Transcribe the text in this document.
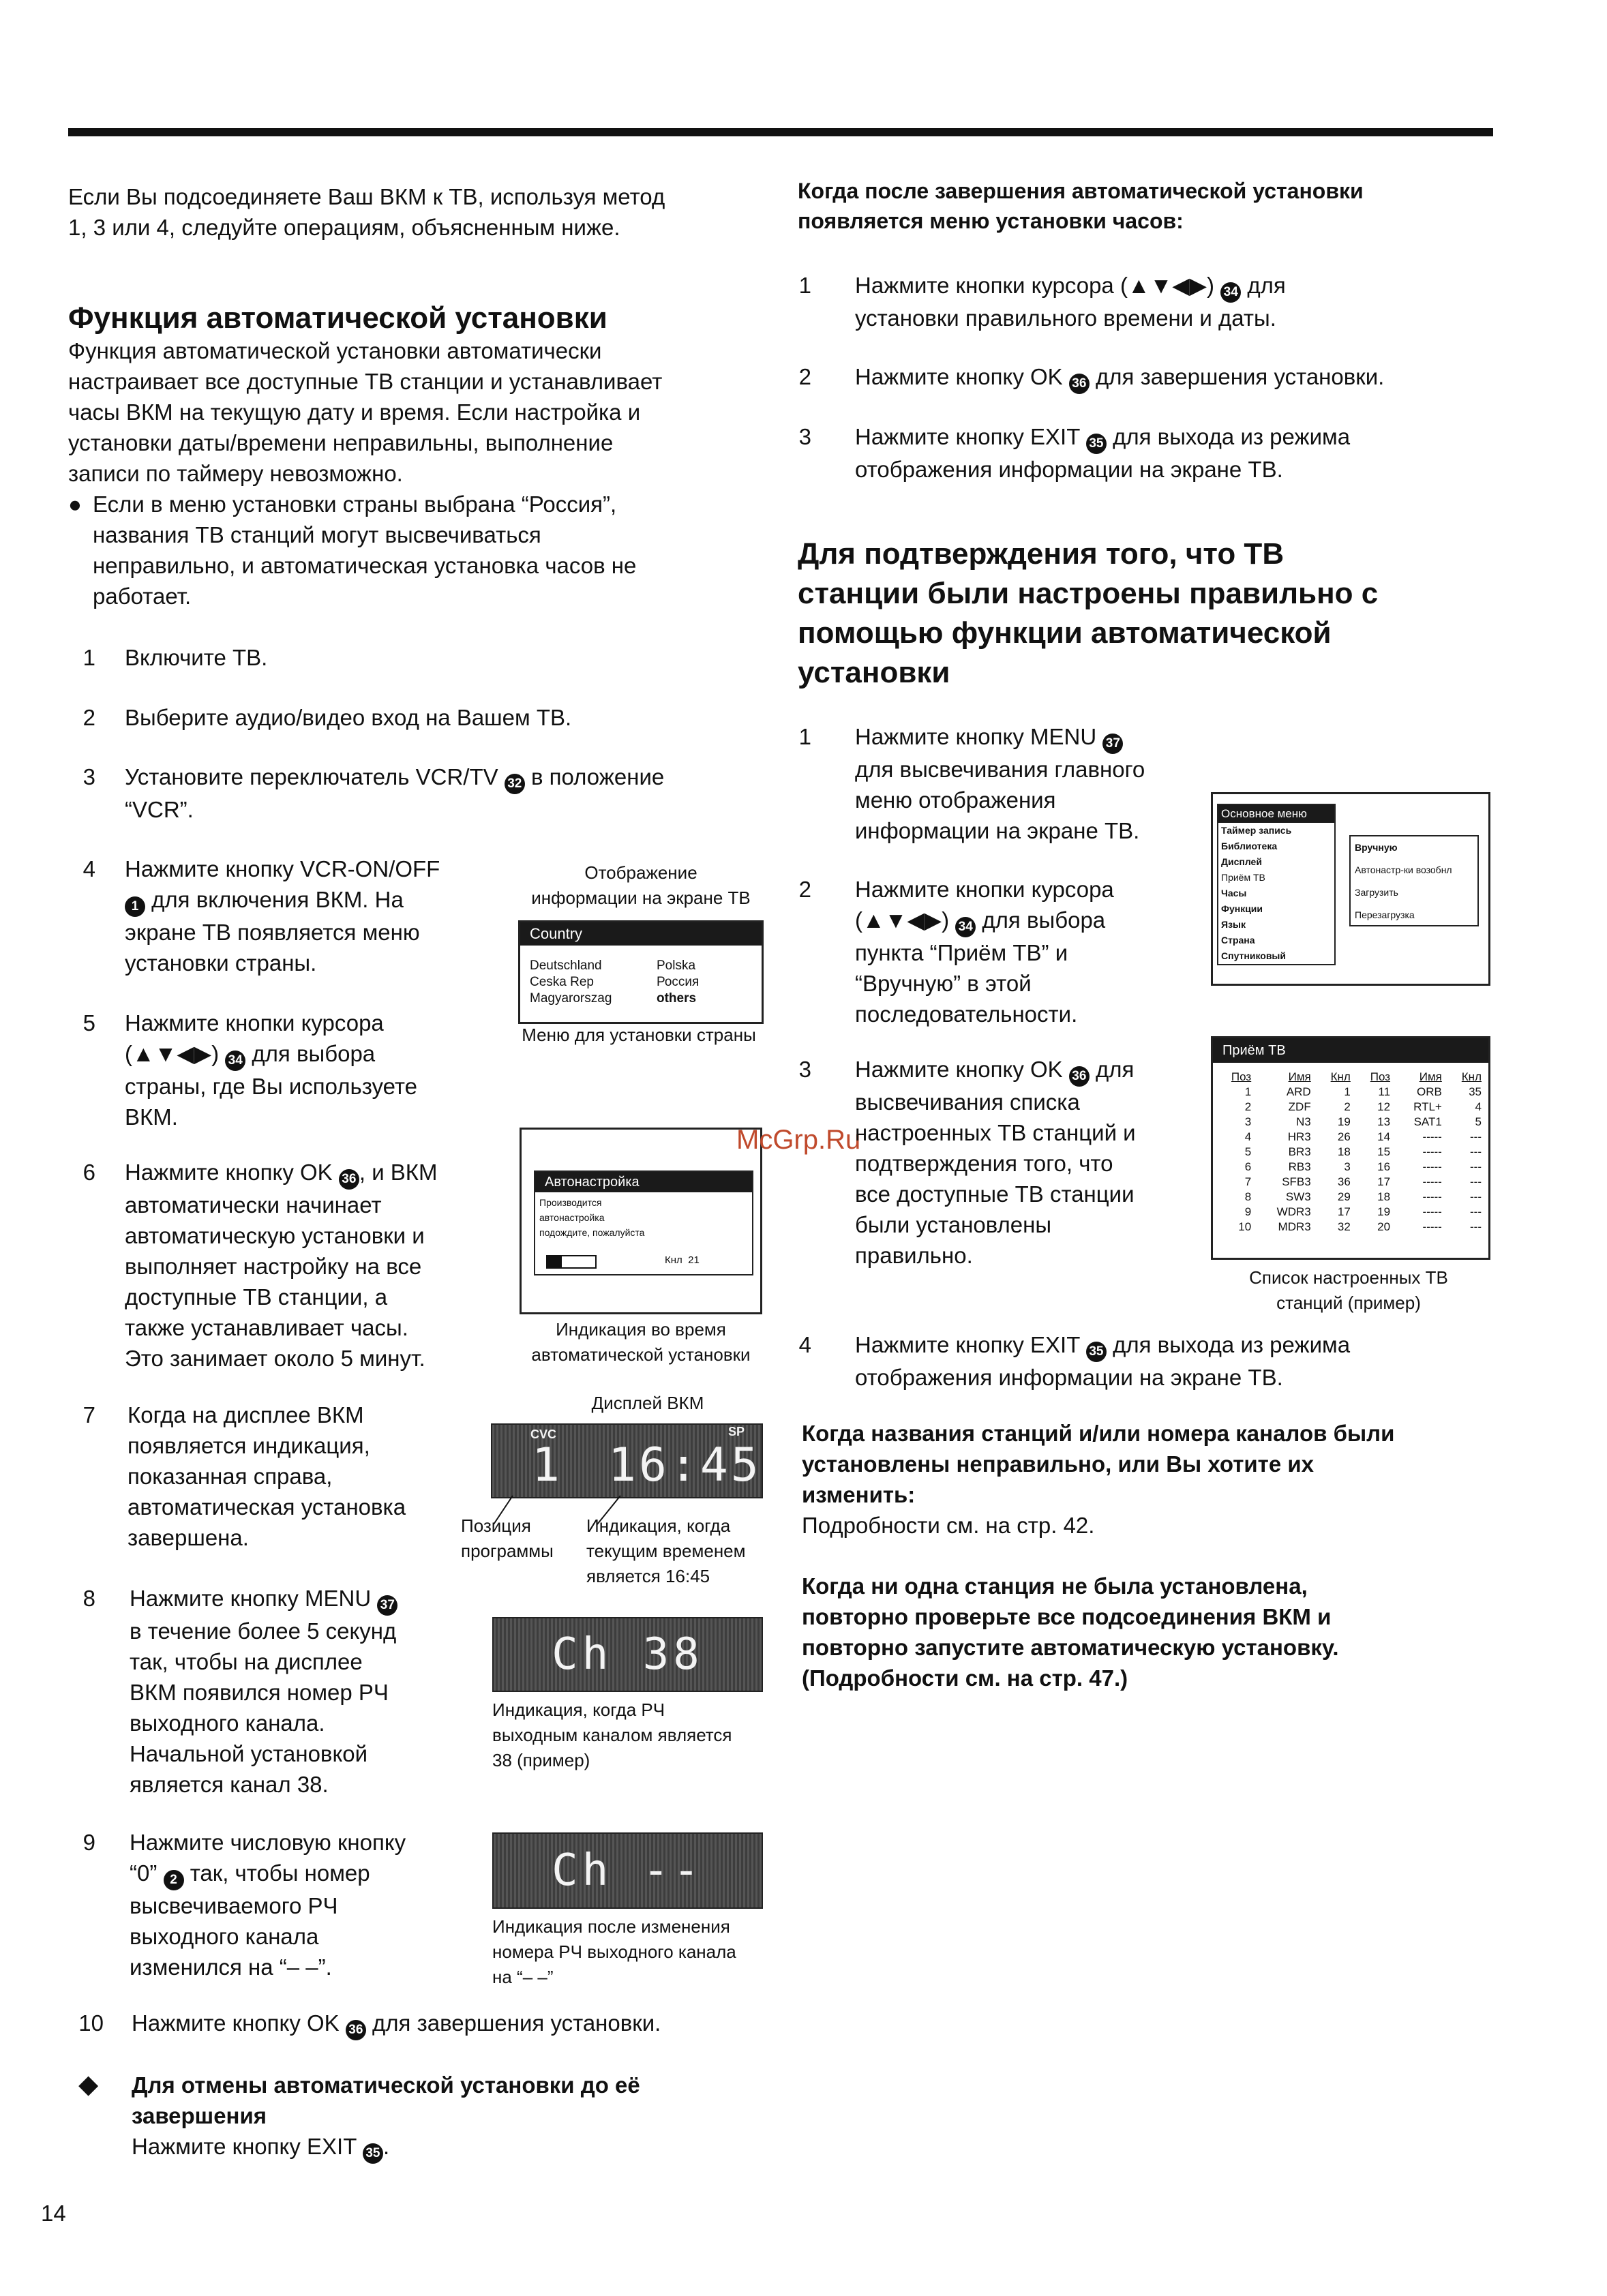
Если Вы подсоединяете Ваш ВКМ к ТВ, используя метод
1, 3 или 4, следуйте операциям, объясненным ниже.
Функция автоматической установки
Функция автоматической установки автоматически
настраивает все доступные ТВ станции и устанавливает
часы ВКМ на текущую дату и время. Если настройка и
установки даты/времени неправильны, выполнение
записи по таймеру невозможно.
● Если в меню установки страны выбрана “Россия”,
названия ТВ станций могут высвечиваться
неправильно, и автоматическая установка часов не
работает.
1 Включите ТВ.
2 Выберите аудио/видео вход на Вашем ТВ.
3 Установите переключатель VCR/TV 32 в положение
“VCR”.
4 Нажмите кнопку VCR-ON/OFF
1 для включения ВКМ. На
экране ТВ появляется меню
установки страны.
5 Нажмите кнопки курсора
(▲▼◀▶) 34 для выбора
страны, где Вы используете
ВКМ.
6 Нажмите кнопку OK 36 , и ВКМ
автоматически начинает
автоматическую установки и
выполняет настройку на все
доступные ТВ станции, а
также устанавливает часы.
Это занимает около 5 минут.
7 Когда на дисплее ВКМ
появляется индикация,
показанная справа,
автоматическая установка
завершена.
8 Нажмите кнопку MENU 37
в течение более 5 секунд
так, чтобы на дисплее
ВКМ появился номер РЧ
выходного канала.
Начальной установкой
является канал 38.
9 Нажмите числовую кнопку
“0” 2 так, чтобы номер
высвечиваемого РЧ
выходного канала
изменился на “– –”.
10 Нажмите кнопку OK 36 для завершения установки.
◆ Для отмены автоматической установки до её
завершения
Нажмите кнопку EXIT 35 .
14
Отображение
информации на экране ТВ
Country
Deutschland
Ceska Rep
Magyarorszag
Polska
Россия
others
Меню для установки страны
Автонастройка
Производится
автонастройка
подождите, пожалуйста
Кнл 21
Индикация во время
автоматической установки
Дисплей ВКМ
CVC	SP
1 16:45
Позиция
программы
Индикация, когда
текущим временем
является 16:45
Ch 38
Индикация, когда РЧ
выходным каналом является
38 (пример)
Ch --
Индикация после изменения
номера РЧ выходного канала
на “– –”
McGrp.Ru
Когда после завершения автоматической установки
появляется меню установки часов:
1 Нажмите кнопки курсора (▲▼◀▶) 34 для
установки правильного времени и даты.
2 Нажмите кнопку OK 36 для завершения установки.
3 Нажмите кнопку EXIT 35 для выхода из режима
отображения информации на экране ТВ.
Для подтверждения того, что ТВ
станции были настроены правильно с
помощью функции автоматической
установки
1 Нажмите кнопку MENU 37
для высвечивания главного
меню отображения
информации на экране ТВ.
2 Нажмите кнопки курсора
(▲▼◀▶) 34 для выбора
пункта “Приём ТВ” и
“Вручную” в этой
последовательности.
3 Нажмите кнопку OK 36 для
высвечивания списка
настроенных ТВ станций и
подтверждения того, что
все доступные ТВ станции
были установлены
правильно.
4 Нажмите кнопку EXIT 35 для выхода из режима
отображения информации на экране ТВ.
Основное меню
Таймер запись
Библиотека
Дисплей
Приём ТВ
Часы
Функции
Язык
Страна
Спутниковый
Вручную
Автонастр-ки возобнл
Загрузить
Перезагрузка
Приём ТВ
Поз	Имя	Кнл	Поз	Имя	Кнл
1	ARD	1	11	ORB	35
2	ZDF	2	12	RTL+	4
3	N3	19	13	SAT1	5
4	HR3	26	14	-----	---
5	BR3	18	15	-----	---
6	RB3	3	16	-----	---
7	SFB3	36	17	-----	---
8	SW3	29	18	-----	---
9	WDR3	17	19	-----	---
10	MDR3	32	20	-----	---
Список настроенных ТВ
станций (пример)
Когда названия станций и/или номера каналов были
установлены неправильно, или Вы хотите их
изменить:
Подробности см. на стр. 42.
Когда ни одна станция не была установлена,
повторно проверьте все подсоединения ВКМ и
повторно запустите автоматическую установку.
(Подробности см. на стр. 47.)
